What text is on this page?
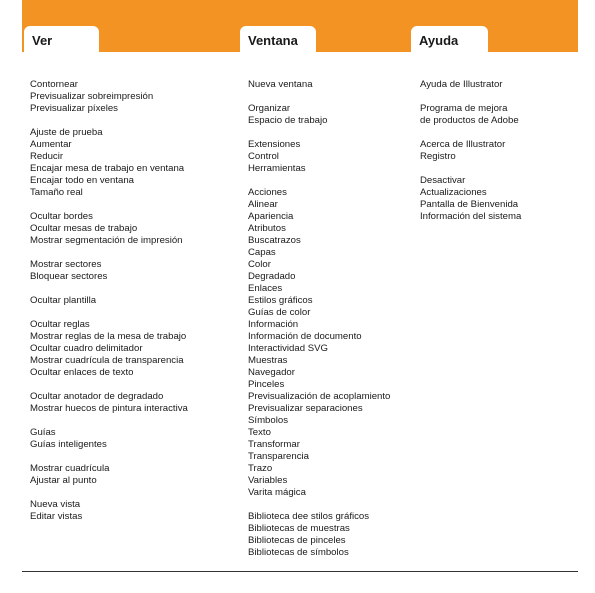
Ver	Ventana	Ayuda
Contornear
Previsualizar sobreimpresión
Previsualizar píxeles
Ajuste de prueba
Aumentar
Reducir
Encajar mesa de trabajo en ventana
Encajar todo en ventana
Tamaño real
Ocultar bordes
Ocultar mesas de trabajo
Mostrar segmentación de impresión
Mostrar sectores
Bloquear sectores
Ocultar plantilla
Ocultar reglas
Mostrar reglas de la mesa de trabajo
Ocultar cuadro delimitador
Mostrar cuadrícula de transparencia
Ocultar enlaces de texto
Ocultar anotador de degradado
Mostrar huecos de pintura interactiva
Guías
Guías inteligentes
Mostrar cuadrícula
Ajustar al punto
Nueva vista
Editar vistas
Nueva ventana
Organizar
Espacio de trabajo
Extensiones
Control
Herramientas
Acciones
Alinear
Apariencia
Atributos
Buscatrazos
Capas
Color
Degradado
Enlaces
Estilos gráficos
Guías de color
Información
Información de documento
Interactividad SVG
Muestras
Navegador
Pinceles
Previsualización de acoplamiento
Previsualizar separaciones
Símbolos
Texto
Transformar
Transparencia
Trazo
Variables
Varita mágica
Biblioteca dee stilos gráficos
Bibliotecas de muestras
Bibliotecas de pinceles
Bibliotecas de símbolos
Ayuda de Illustrator
Programa de mejora
de productos de Adobe
Acerca de Illustrator
Registro
Desactivar
Actualizaciones
Pantalla de Bienvenida
Información del sistema
